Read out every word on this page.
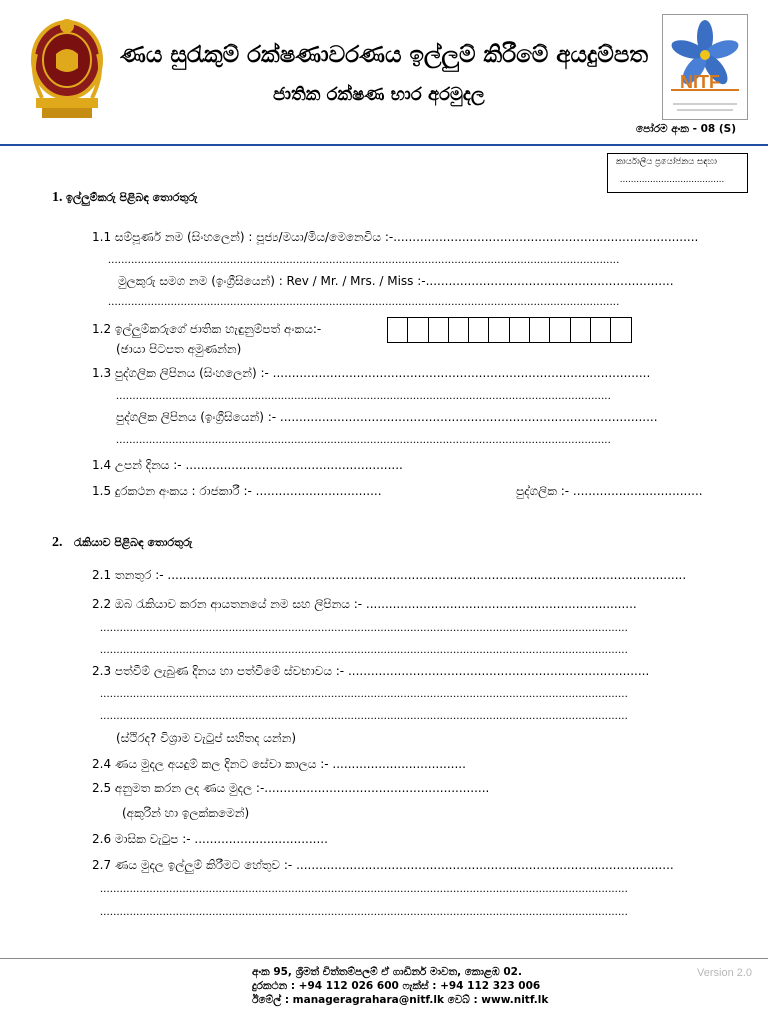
ණය සුරැකුම් රක්ෂණාවරණය ඉල්ලුම් කිරීමේ අයදුම්පත
ජාතික රක්ෂණ භාර අරමුදල
NITF
පෝරම අංක - 08 (S)
කාර්යාලීය ප්‍රයෝජනය සඳහා
......................................
1. ඉල්ලුම්කරු පිළිබඳ තොරතුරු
1.1 සම්පූර්ණ නම (සිංහලෙන්) : පූජ්‍ය/මයා/මිය/මෙනෙවිය :-................................................................................
...........................................................................................................................................................
මුලකුරු සමග නම (ඉංග්‍රීසියෙන්) : Rev / Mr. / Mrs. / Miss :-.................................................................
...........................................................................................................................................................
1.2 ඉල්ලුම්කරුගේ ජාතික හැඳුනුම්පත් අංකය:-
(ඡායා පිටපත අමුණන්න)
1.3 පුද්ගලික ලිපිනය (සිංහලෙන්) :- ...................................................................................................
......................................................................................................................................................
පුද්ගලික ලිපිනය (ඉංග්‍රීසියෙන්) :- ...................................................................................................
......................................................................................................................................................
1.4 උපන් දිනය :- .........................................................
1.5 දුරකථන අංකය : රාජකාරී :- .................................	පුද්ගලික :- ..................................
2. රැකියාව පිළිබඳ තොරතුරු
2.1 තනතුර :- ........................................................................................................................................
2.2 ඔබ රැකියාව කරන ආයතනයේ නම සහ ලිපිනය :- .......................................................................
................................................................................................................................................................
................................................................................................................................................................
2.3 පත්වීම් ලැබුණ දිනය හා පත්වීමේ ස්වභාවය :- ...............................................................................
................................................................................................................................................................
................................................................................................................................................................
(ස්ථිරද? විශ්‍රාම වැටුප් සහිතද යන්න)
2.4 ණය මුදල අයදුම් කල දිනට සේවා කාලය :- ...................................
2.5 අනුමත කරන ලද ණය මුදල :-...........................................................
(අකුරින් හා ඉලක්කමෙන්)
2.6 මාසික වැටුප :- ...................................
2.7 ණය මුදල ඉල්ලුම් කිරීමට හේතුව :- ...................................................................................................
................................................................................................................................................................
................................................................................................................................................................
අංක 95, ශ්‍රීමත් චිත්තම්පලම් ඒ ගාඩිනර් මාවත, කොළඹ 02.
දුරකථන : +94 112 026 600 ෆැක්ස් : +94 112 323 006
ඊමේල් : manageragrahara@nitf.lk වෙබ් : www.nitf.lk
Version 2.0
